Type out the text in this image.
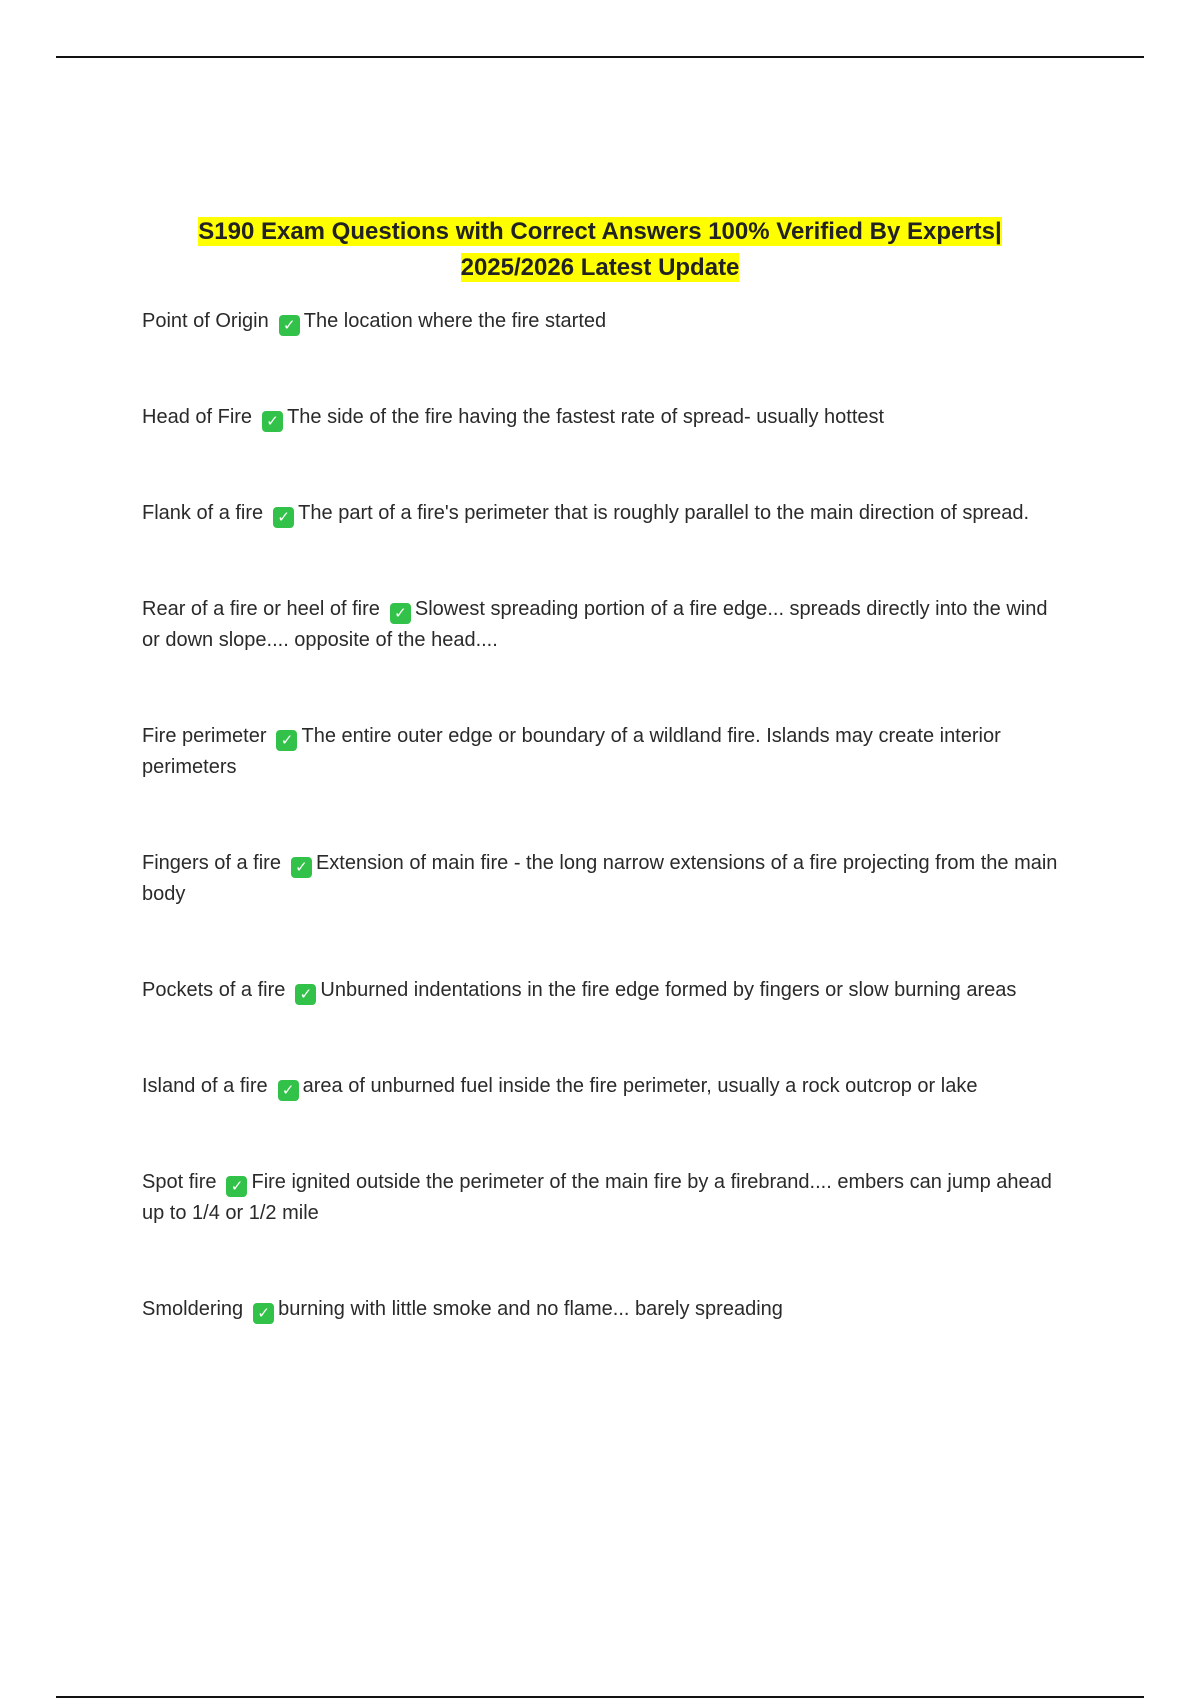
S190 Exam Questions with Correct Answers 100% Verified By Experts|
2025/2026 Latest Update
Point of Origin ✓ The location where the fire started
Head of Fire ✓ The side of the fire having the fastest rate of spread- usually hottest
Flank of a fire ✓ The part of a fire's perimeter that is roughly parallel to the main direction of spread.
Rear of a fire or heel of fire ✓ Slowest spreading portion of a fire edge... spreads directly into the wind or down slope.... opposite of the head....
Fire perimeter ✓ The entire outer edge or boundary of a wildland fire. Islands may create interior perimeters
Fingers of a fire ✓ Extension of main fire - the long narrow extensions of a fire projecting from the main body
Pockets of a fire ✓ Unburned indentations in the fire edge formed by fingers or slow burning areas
Island of a fire ✓ area of unburned fuel inside the fire perimeter, usually a rock outcrop or lake
Spot fire ✓ Fire ignited outside the perimeter of the main fire by a firebrand.... embers can jump ahead up to 1/4 or 1/2 mile
Smoldering ✓ burning with little smoke and no flame... barely spreading
